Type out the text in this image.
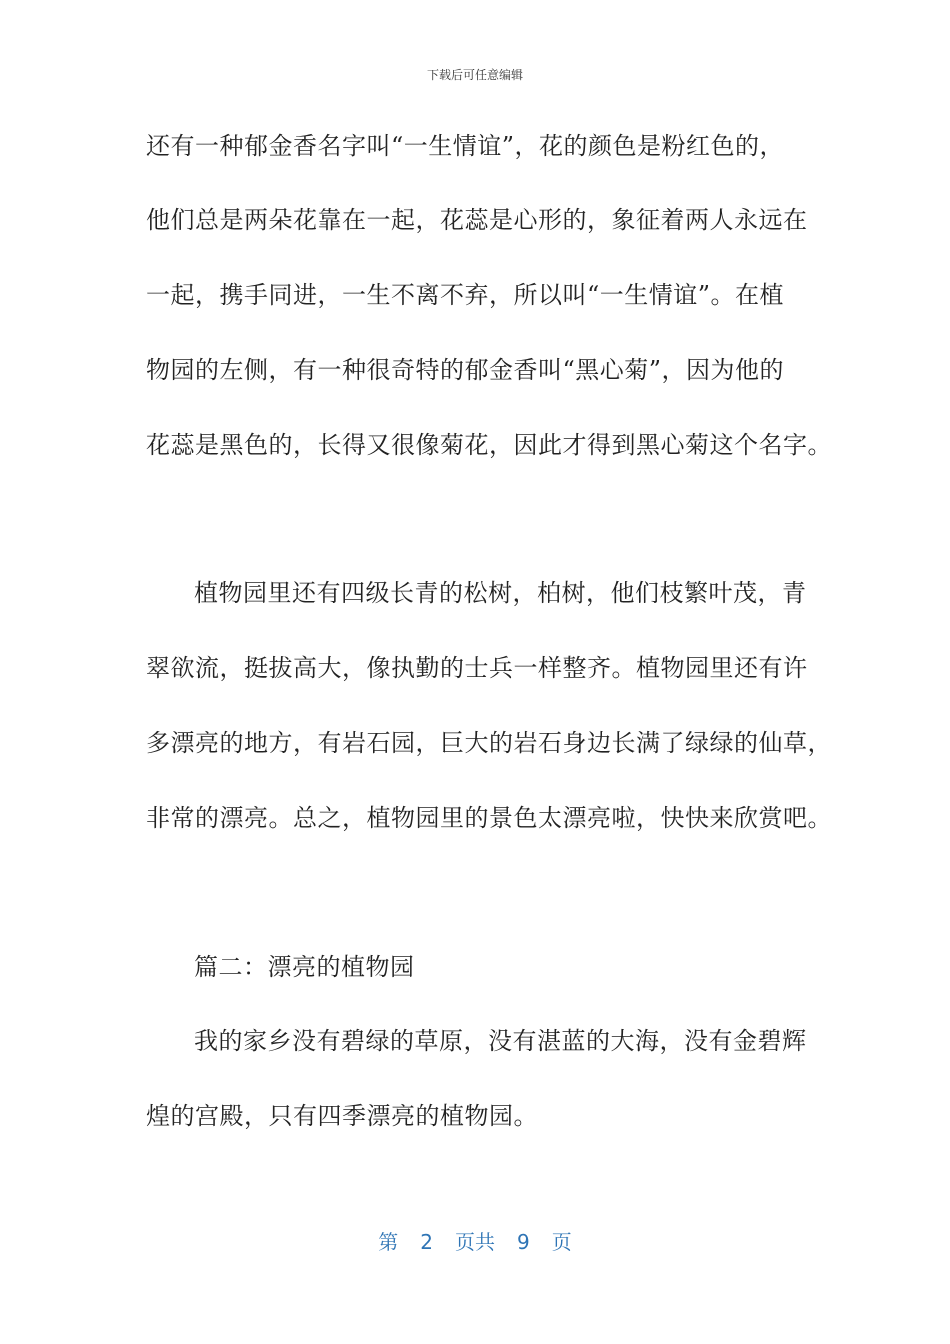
下载后可任意编辑
还有一种郁金香名字叫“一生情谊”，花的颜色是粉红色的，
他们总是两朵花靠在一起，花蕊是心形的，象征着两人永远在
一起，携手同进，一生不离不弃，所以叫“一生情谊”。在植
物园的左侧，有一种很奇特的郁金香叫“黑心菊”，因为他的
花蕊是黑色的，长得又很像菊花，因此才得到黑心菊这个名字。
植物园里还有四级长青的松树，柏树，他们枝繁叶茂，青
翠欲流，挺拔高大，像执勤的士兵一样整齐。植物园里还有许
多漂亮的地方，有岩石园，巨大的岩石身边长满了绿绿的仙草，
非常的漂亮。总之，植物园里的景色太漂亮啦，快快来欣赏吧。
篇二：漂亮的植物园
我的家乡没有碧绿的草原，没有湛蓝的大海，没有金碧辉
煌的宫殿，只有四季漂亮的植物园。
第 2 页共 9 页
